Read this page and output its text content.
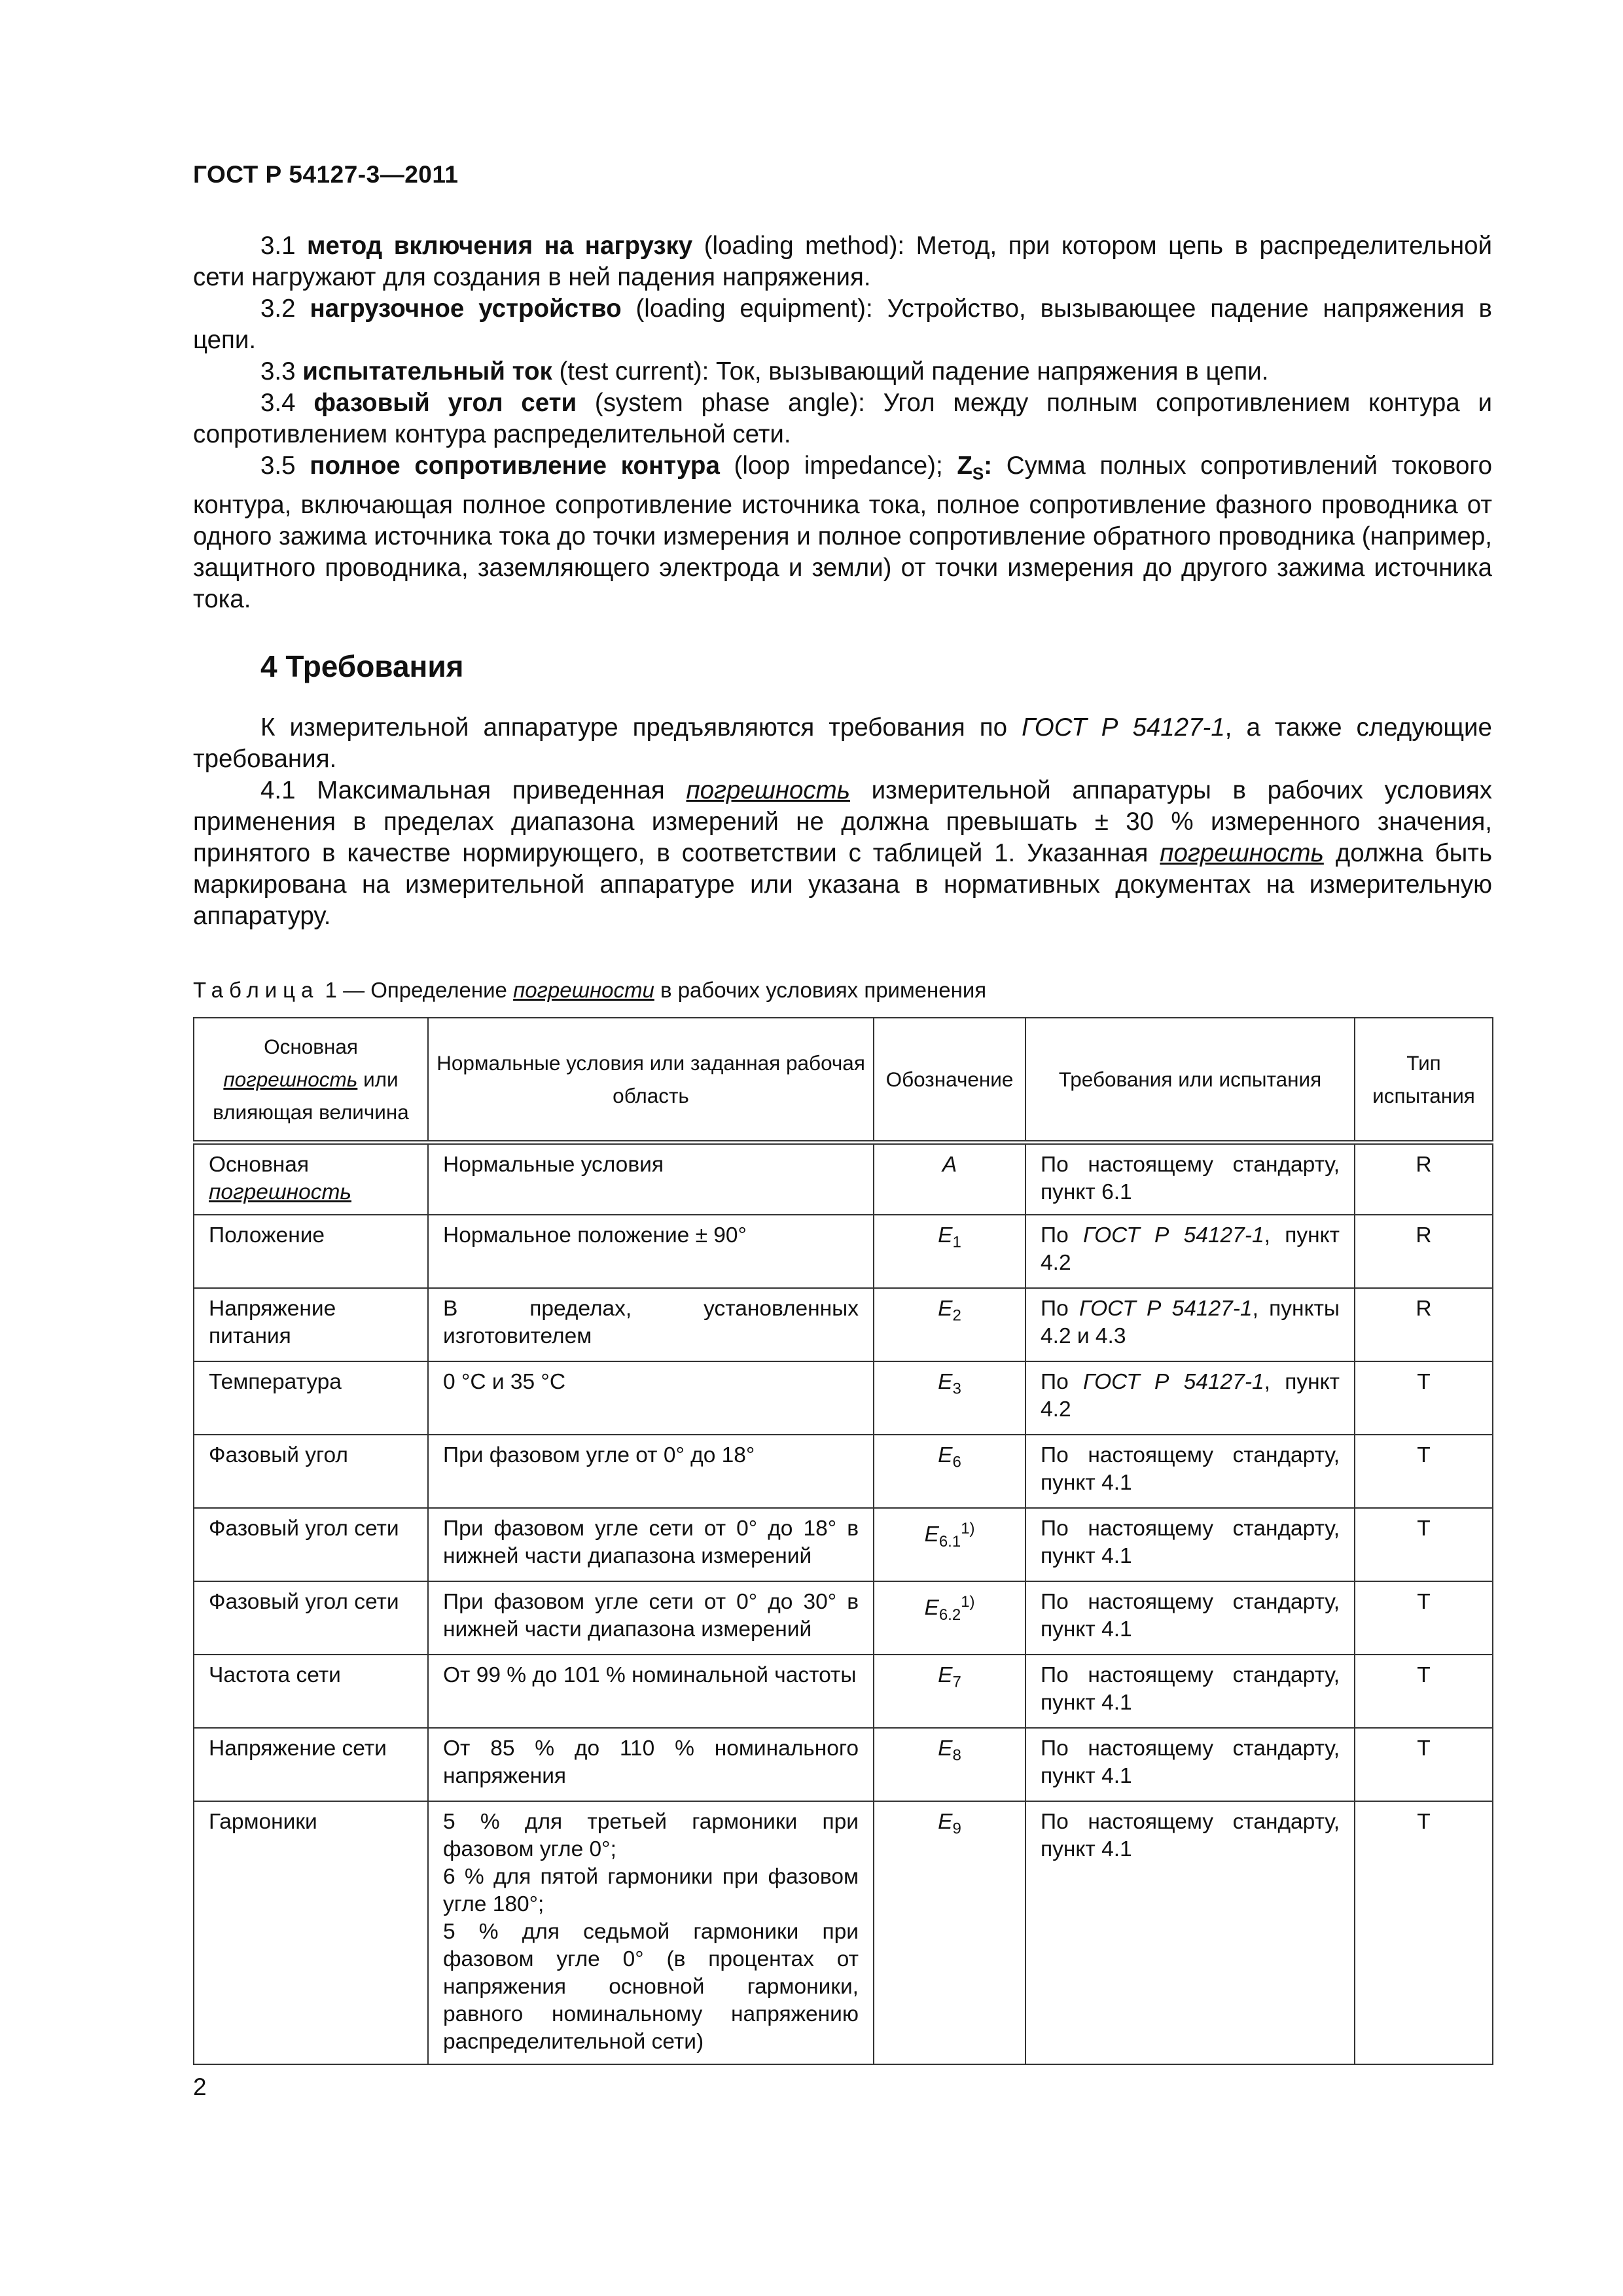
ГОСТ Р 54127-3—2011

3.1 метод включения на нагрузку (loading method): Метод, при котором цепь в распределительной сети нагружают для создания в ней падения напряжения.

3.2 нагрузочное устройство (loading equipment): Устройство, вызывающее падение напряжения в цепи.

3.3 испытательный ток (test current): Ток, вызывающий падение напряжения в цепи.

3.4 фазовый угол сети (system phase angle): Угол между полным сопротивлением контура и сопротивлением контура распределительной сети.

3.5 полное сопротивление контура (loop impedance); $Z_S$: Сумма полных сопротивлений токового контура, включающая полное сопротивление источника тока, полное сопротивление фазного проводника от одного зажима источника тока до точки измерения и полное сопротивление обратного проводника (например, защитного проводника, заземляющего электрода и земли) от точки измерения до другого зажима источника тока.

4 Требования

К измерительной аппаратуре предъявляются требования по ГОСТ Р 54127-1, а также следующие требования.

4.1 Максимальная приведенная погрешность измерительной аппаратуры в рабочих условиях применения в пределах диапазона измерений не должна превышать ± 30 % измеренного значения, принятого в качестве нормирующего, в соответствии с таблицей 1. Указанная погрешность должна быть маркирована на измерительной аппаратуре или указана в нормативных документах на измерительную аппаратуру.

Таблица 1 — Определение погрешности в рабочих условиях применения

Основная
погрешность или влияющая величина	Нормальные условия или заданная рабочая область	Обозначение	Требования или испытания	Тип испытания
Основная
погрешность	Нормальные условия	A	По настоящему стандарту, пункт 6.1	R
Положение	Нормальное положение ± 90°	$E_1$	По ГОСТ Р 54127-1, пункт 4.2	R
Напряжение питания	В пределах, установленных изготовителем	$E_2$	По ГОСТ Р 54127-1, пункты 4.2 и 4.3	R
Температура	0 °C и 35 °C	$E_3$	По ГОСТ Р 54127-1, пункт 4.2	T
Фазовый угол	При фазовом угле от 0° до 18°	$E_6$	По настоящему стандарту, пункт 4.1	T
Фазовый угол сети	При фазовом угле сети от 0° до 18° в нижней части диапазона измерений	$E_{6.1}^{1)}$	По настоящему стандарту, пункт 4.1	T
Фазовый угол сети	При фазовом угле сети от 0° до 30° в нижней части диапазона измерений	$E_{6.2}^{1)}$	По настоящему стандарту, пункт 4.1	T
Частота сети	От 99 % до 101 % номинальной частоты	$E_7$	По настоящему стандарту, пункт 4.1	T
Напряжение сети	От 85 % до 110 % номинального напряжения	$E_8$	По настоящему стандарту, пункт 4.1	T
Гармоники	5 % для третьей гармоники при фазовом угле 0°;
6 % для пятой гармоники при фазовом угле 180°;
5 % для седьмой гармоники при фазовом угле 0° (в процентах от напряжения основной гармоники, равного номинальному напряжению распределительной сети)	$E_9$	По настоящему стандарту, пункт 4.1	T
2
